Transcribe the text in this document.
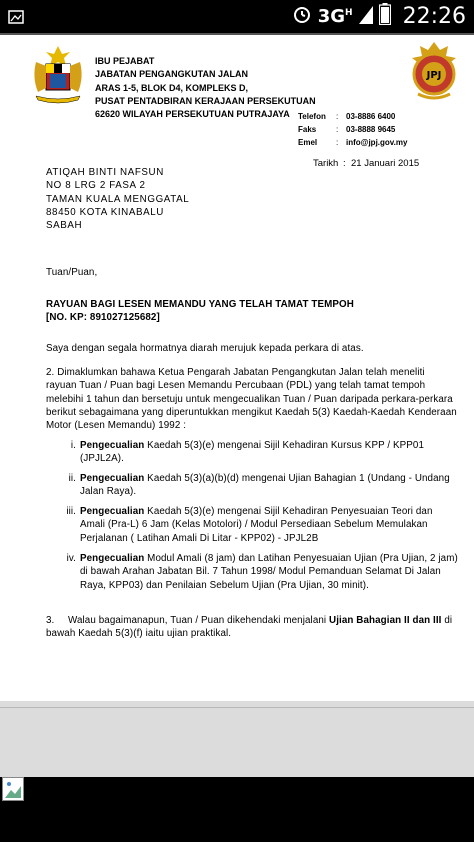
$3G^H$ 22:26
IBU PEJABAT
JABATAN PENGANGKUTAN JALAN
ARAS 1-5, BLOK D4, KOMPLEKS D,
PUSAT PENTADBIRAN KERAJAAN PERSEKUTUAN
62620 WILAYAH PERSEKUTUAN PUTRAJAYA	Telefon	: 03-8886 6400
Faks	: 03-8888 9645
Emel	: info@jpj.gov.my
JPJ
Tarikh : 21 Januari 2015
ATIQAH BINTI NAFSUN
NO 8 LRG 2 FASA 2
TAMAN KUALA MENGGATAL
88450 KOTA KINABALU
SABAH
Tuan/Puan,
RAYUAN BAGI LESEN MEMANDU YANG TELAH TAMAT TEMPOH
[NO. KP: 891027125682]
Saya dengan segala hormatnya diarah merujuk kepada perkara di atas.
2. Dimaklumkan bahawa Ketua Pengarah Jabatan Pengangkutan Jalan telah meneliti
rayuan Tuan / Puan bagi Lesen Memandu Percubaan (PDL) yang telah tamat tempoh
melebihi 1 tahun dan bersetuju untuk mengecualikan Tuan / Puan daripada perkara-perkara
berikut sebagaimana yang diperuntukkan mengikut Kaedah 5(3) Kaedah-Kaedah Kenderaan
Motor (Lesen Memandu) 1992 :
i. Pengecualian Kaedah 5(3)(e) mengenai Sijil Kehadiran Kursus KPP / KPP01
(JPJL2A).
ii. Pengecualian Kaedah 5(3)(a)(b)(d) mengenai Ujian Bahagian 1 (Undang - Undang
Jalan Raya).
iii. Pengecualian Kaedah 5(3)(e) mengenai Sijil Kehadiran Penyesuaian Teori dan
Amali (Pra-L) 6 Jam (Kelas Motolori) / Modul Persediaan Sebelum Memulakan
Perjalanan ( Latihan Amali Di Litar - KPP02) - JPJL2B
iv. Pengecualian Modul Amali (8 jam) dan Latihan Penyesuaian Ujian (Pra Ujian, 2 jam)
di bawah Arahan Jabatan Bil. 7 Tahun 1998/ Modul Pemanduan Selamat Di Jalan
Raya, KPP03) dan Penilaian Sebelum Ujian (Pra Ujian, 30 minit).
3. Walau bagaimanapun, Tuan / Puan dikehendaki menjalani Ujian Bahagian II dan III di
bawah Kaedah 5(3)(f) iaitu ujian praktikal.
